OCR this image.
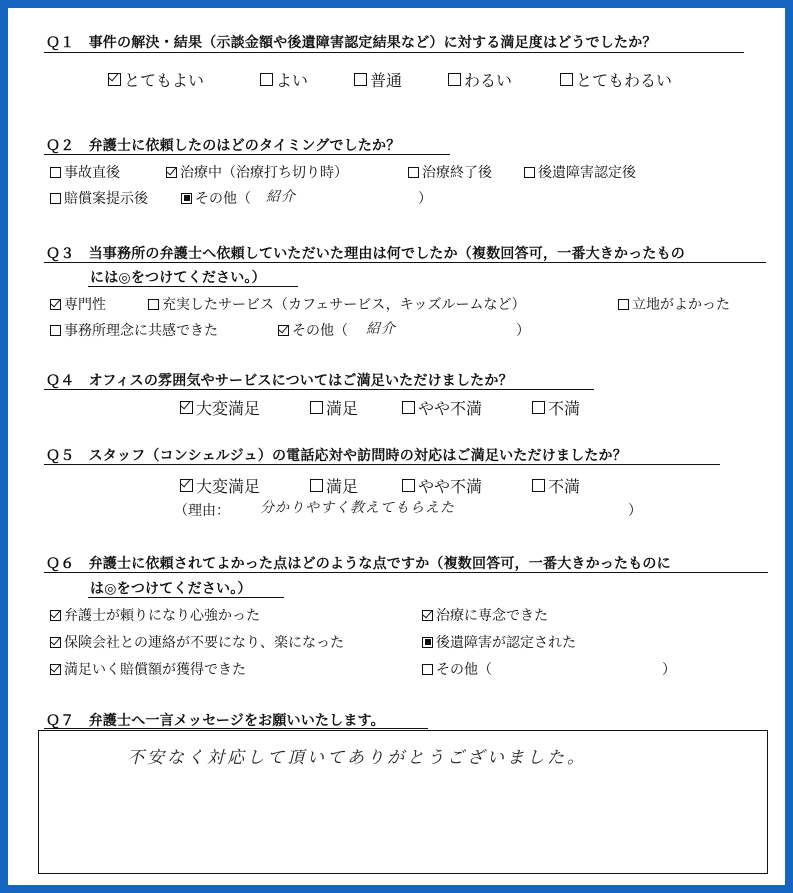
Ｑ１　事件の解決・結果（示談金額や後遺障害認定結果など）に対する満足度はどうでしたか？
とてもよい	よい	普通	わるい	とてもわるい
Ｑ２　弁護士に依頼したのはどのタイミングでしたか？
事故直後	治療中（治療打ち切り時）	治療終了後	後遺障害認定後
賠償案提示後	その他（ 紹介	）
Ｑ３　当事務所の弁護士へ依頼していただいた理由は何でしたか（複数回答可，一番大きかったもの
には◎をつけてください。）
専門性	充実したサービス（カフェサービス，キッズルームなど）	立地がよかった
事務所理念に共感できた	その他（ 紹介	）
Ｑ４　オフィスの雰囲気やサービスについてはご満足いただけましたか？
大変満足	満足	やや不満	不満
Ｑ５　スタッフ（コンシェルジュ）の電話応対や訪問時の対応はご満足いただけましたか？
大変満足	満足	やや不満	不満
（理由： 分かりやすく教えてもらえた	）
Ｑ６　弁護士に依頼されてよかった点はどのような点ですか（複数回答可，一番大きかったものに
は◎をつけてください。）
弁護士が頼りになり心強かった	治療に専念できた
保険会社との連絡が不要になり、楽になった	後遺障害が認定された
満足いく賠償額が獲得できた	その他（	）
Ｑ７　弁護士へ一言メッセージをお願いいたします。
不安なく対応して頂いてありがとうございました。
